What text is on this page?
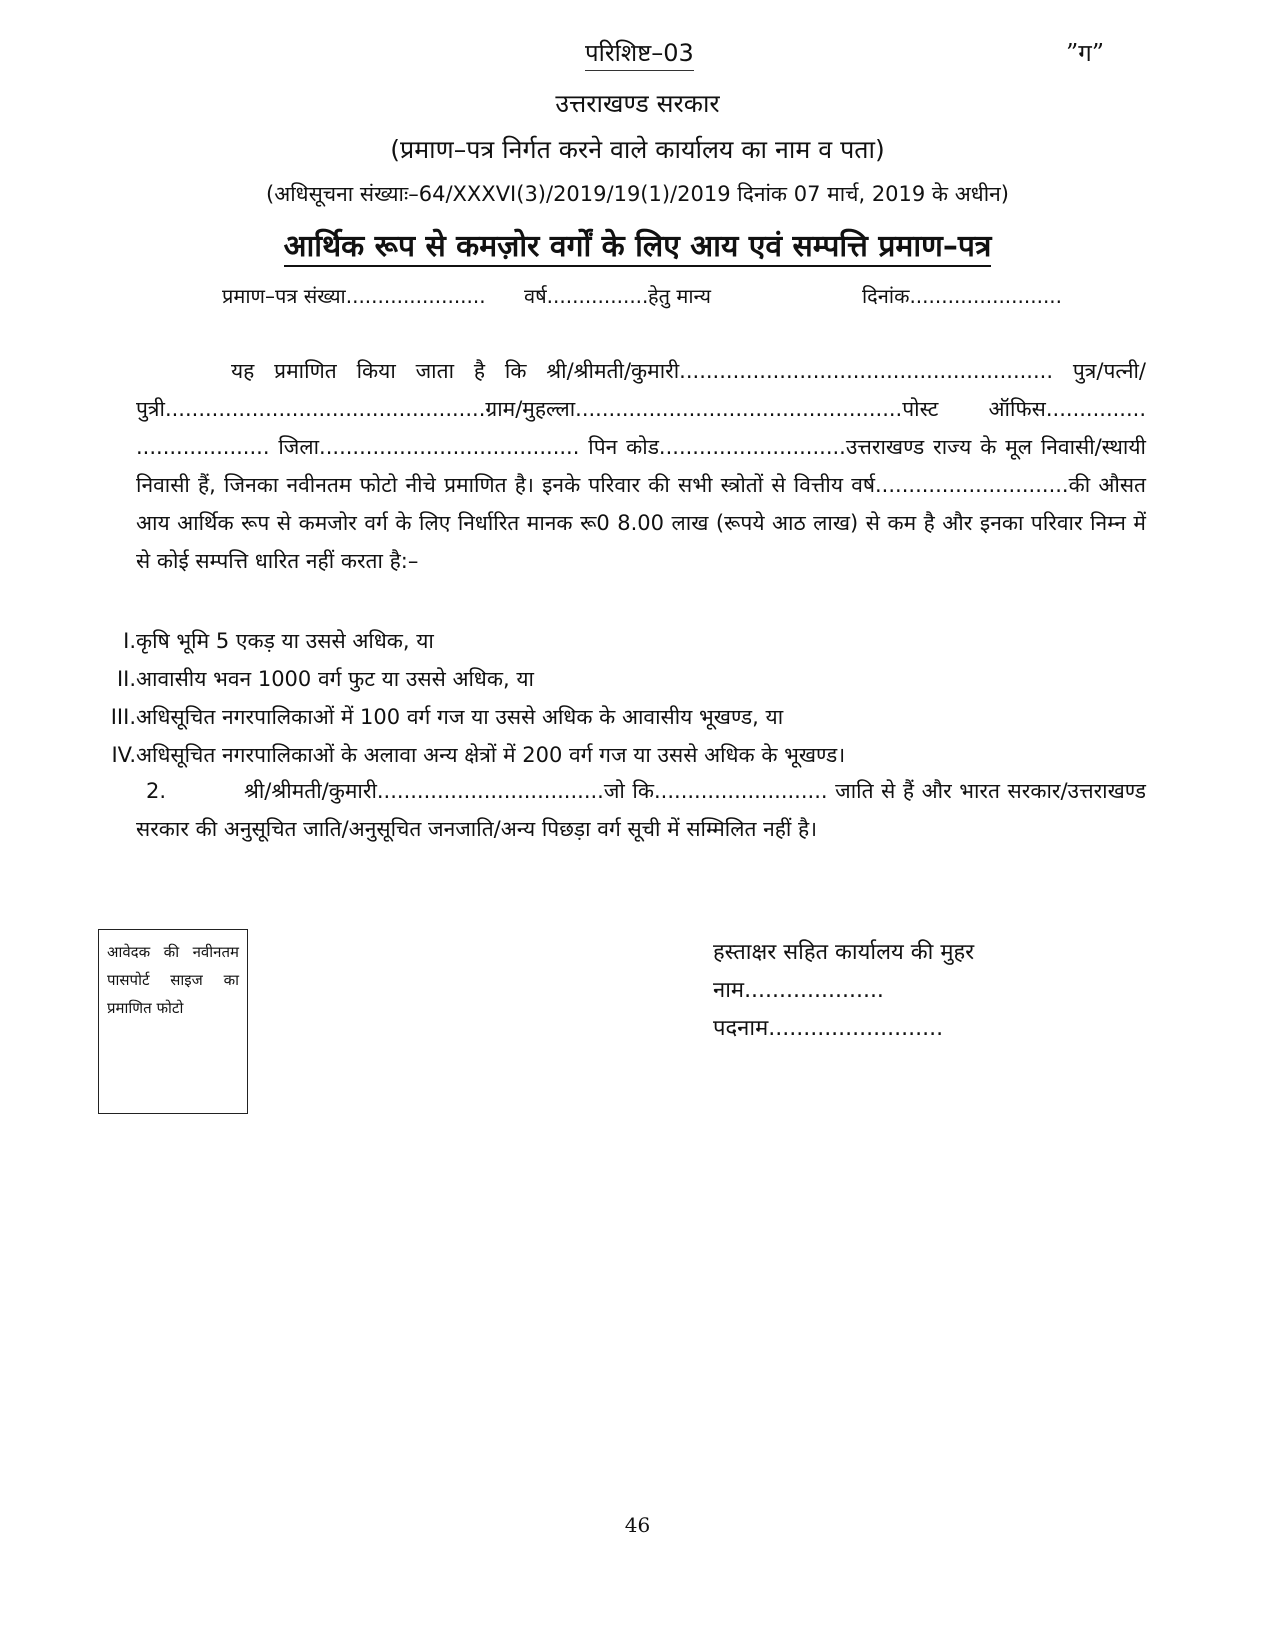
परिशिष्ट–03	”ग”
उत्तराखण्ड सरकार
(प्रमाण–पत्र निर्गत करने वाले कार्यालय का नाम व पता)
(अधिसूचना संख्याः–64/XXXVI(3)/2019/19(1)/2019 दिनांक 07 मार्च, 2019 के अधीन)
आर्थिक रूप से कमज़ोर वर्गों के लिए आय एवं सम्पत्ति प्रमाण–पत्र
प्रमाण–पत्र संख्या...................... वर्ष................ हेतु मान्य	दिनांक........................
यह प्रमाणित किया जाता है कि श्री/श्रीमती/कुमारी........................................................ पुत्र/पत्नी/पुत्री................................................ग्राम/मुहल्ला.................................................पोस्ट ऑफिस............... .................... जिला....................................... पिन कोड............................उत्तराखण्ड राज्य के मूल निवासी/स्थायी निवासी हैं, जिनका नवीनतम फोटो नीचे प्रमाणित है। इनके परिवार की सभी स्त्रोतों से वित्तीय वर्ष.............................की औसत आय आर्थिक रूप से कमजोर वर्ग के लिए निर्धारित मानक रू0 8.00 लाख (रूपये आठ लाख) से कम है और इनका परिवार निम्न में से कोई सम्पत्ति धारित नहीं करता है:–
I. कृषि भूमि 5 एकड़ या उससे अधिक, या
II. आवासीय भवन 1000 वर्ग फुट या उससे अधिक, या
III. अधिसूचित नगरपालिकाओं में 100 वर्ग गज या उससे अधिक के आवासीय भूखण्ड, या
IV. अधिसूचित नगरपालिकाओं के अलावा अन्य क्षेत्रों में 200 वर्ग गज या उससे अधिक के भूखण्ड।
2.	श्री/श्रीमती/कुमारी..................................जो कि.......................... जाति से हैं और भारत सरकार/उत्तराखण्ड सरकार की अनुसूचित जाति/अनुसूचित जनजाति/अन्य पिछड़ा वर्ग सूची में सम्मिलित नहीं है।
आवेदक की नवीनतम पासपोर्ट साइज का प्रमाणित फोटो
हस्ताक्षर सहित कार्यालय की मुहर
नाम....................
पदनाम.........................
46
